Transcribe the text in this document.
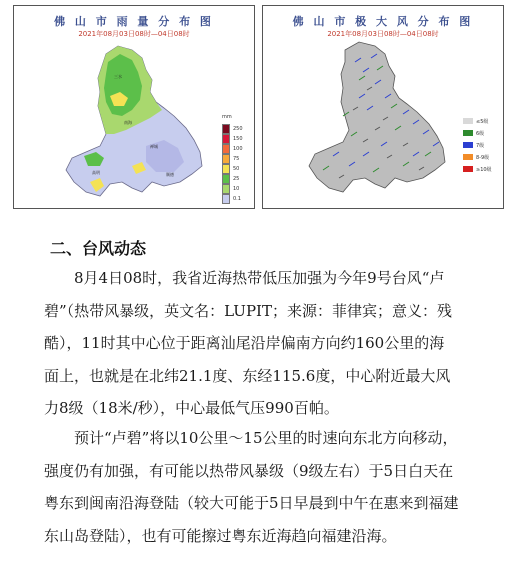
三水
南海
禅城
高明	顺德
佛 山 市 雨 量 分 布 图
2021年08月03日08时—04日08时
mm
250
150
100
75
50
25
10
0.1
佛 山 市 极 大 风 分 布 图
2021年08月03日08时—04日08时
≤5级
6级
7级
8-9级
≥10级
二、台风动态
8月4日08时，我省近海热带低压加强为今年9号台风“卢
碧”（热带风暴级，英文名：LUPIT；来源：菲律宾；意义：残
酷），11时其中心位于距离汕尾沿岸偏南方向约160公里的海
面上，也就是在北纬21.1度、东经115.6度，中心附近最大风
力8级（18米/秒），中心最低气压990百帕。
预计“卢碧”将以10公里～15公里的时速向东北方向移动，
强度仍有加强，有可能以热带风暴级（9级左右）于5日白天在
粤东到闽南沿海登陆（较大可能于5日早晨到中午在惠来到福建
东山岛登陆），也有可能擦过粤东近海趋向福建沿海。
